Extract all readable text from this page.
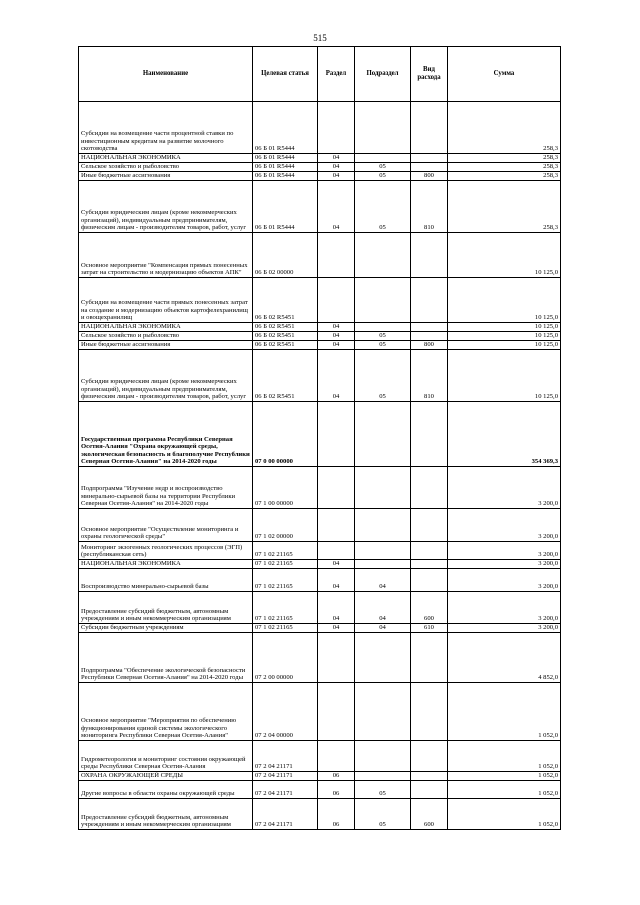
515
Наименование	Целевая статья	Раздел	Подраздел	Вид расхода	Сумма
Субсидии на возмещение части процентной ставки по инвестиционным кредитам на развитие молочного скотоводства	06 Б 01 R5444				258,3
НАЦИОНАЛЬНАЯ ЭКОНОМИКА	06 Б 01 R5444	04			258,3
Сельское хозяйство и рыболовство	06 Б 01 R5444	04	05		258,3
Иные бюджетные ассигнования	06 Б 01 R5444	04	05	800	258,3
Субсидии юридическим лицам (кроме некоммерческих организаций), индивидуальным предпринимателям, физическим лицам - производителям товаров, работ, услуг	06 Б 01 R5444	04	05	810	258,3
Основное мероприятие "Компенсация прямых понесенных затрат на строительство и модернизацию объектов АПК"	06 Б 02 00000				10 125,0
Субсидии на возмещение части прямых понесенных затрат на создание и модернизацию объектов картофелехранилищ и овощехранилищ	06 Б 02 R5451				10 125,0
НАЦИОНАЛЬНАЯ ЭКОНОМИКА	06 Б 02 R5451	04			10 125,0
Сельское хозяйство и рыболовство	06 Б 02 R5451	04	05		10 125,0
Иные бюджетные ассигнования	06 Б 02 R5451	04	05	800	10 125,0
Субсидии юридическим лицам (кроме некоммерческих организаций), индивидуальным предпринимателям, физическим лицам - производителям товаров, работ, услуг	06 Б 02 R5451	04	05	810	10 125,0
Государственная программа Республики Северная Осетия-Алания "Охрана окружающей среды, экологическая безопасность и благополучие Республики Северная Осетия-Алания" на 2014-2020 годы	07 0 00 00000				354 369,3
Подпрограмма "Изучение недр и воспроизводство минерально-сырьевой базы на территории Республики Северная Осетия-Алания" на 2014-2020 годы	07 1 00 00000				3 200,0
Основное мероприятие "Осуществление мониторинга и охраны геологической среды"	07 1 02 00000				3 200,0
Мониторинг экзогенных геологических процессов (ЭГП) (республиканская сеть)	07 1 02 21165				3 200,0
НАЦИОНАЛЬНАЯ ЭКОНОМИКА	07 1 02 21165	04			3 200,0
Воспроизводство минерально-сырьевой базы	07 1 02 21165	04	04		3 200,0
Предоставление субсидий бюджетным, автономным учреждениям и иным некоммерческим организациям	07 1 02 21165	04	04	600	3 200,0
Субсидии бюджетным учреждениям	07 1 02 21165	04	04	610	3 200,0
Подпрограмма "Обеспечение экологической безопасности Республики Северная Осетия-Алания" на 2014-2020 годы	07 2 00 00000				4 852,0
Основное мероприятие "Мероприятия по обеспечению функционирования единой системы экологического мониторинга Республики Северная Осетия-Алания"	07 2 04 00000				1 052,0
Гидрометеорология и мониторинг состояния окружающей среды Республики Северная Осетия-Алания	07 2 04 21171				1 052,0
ОХРАНА ОКРУЖАЮЩЕЙ СРЕДЫ	07 2 04 21171	06			1 052,0
Другие вопросы в области охраны окружающей среды	07 2 04 21171	06	05		1 052,0
Предоставление субсидий бюджетным, автономным учреждениям и иным некоммерческим организациям	07 2 04 21171	06	05	600	1 052,0
